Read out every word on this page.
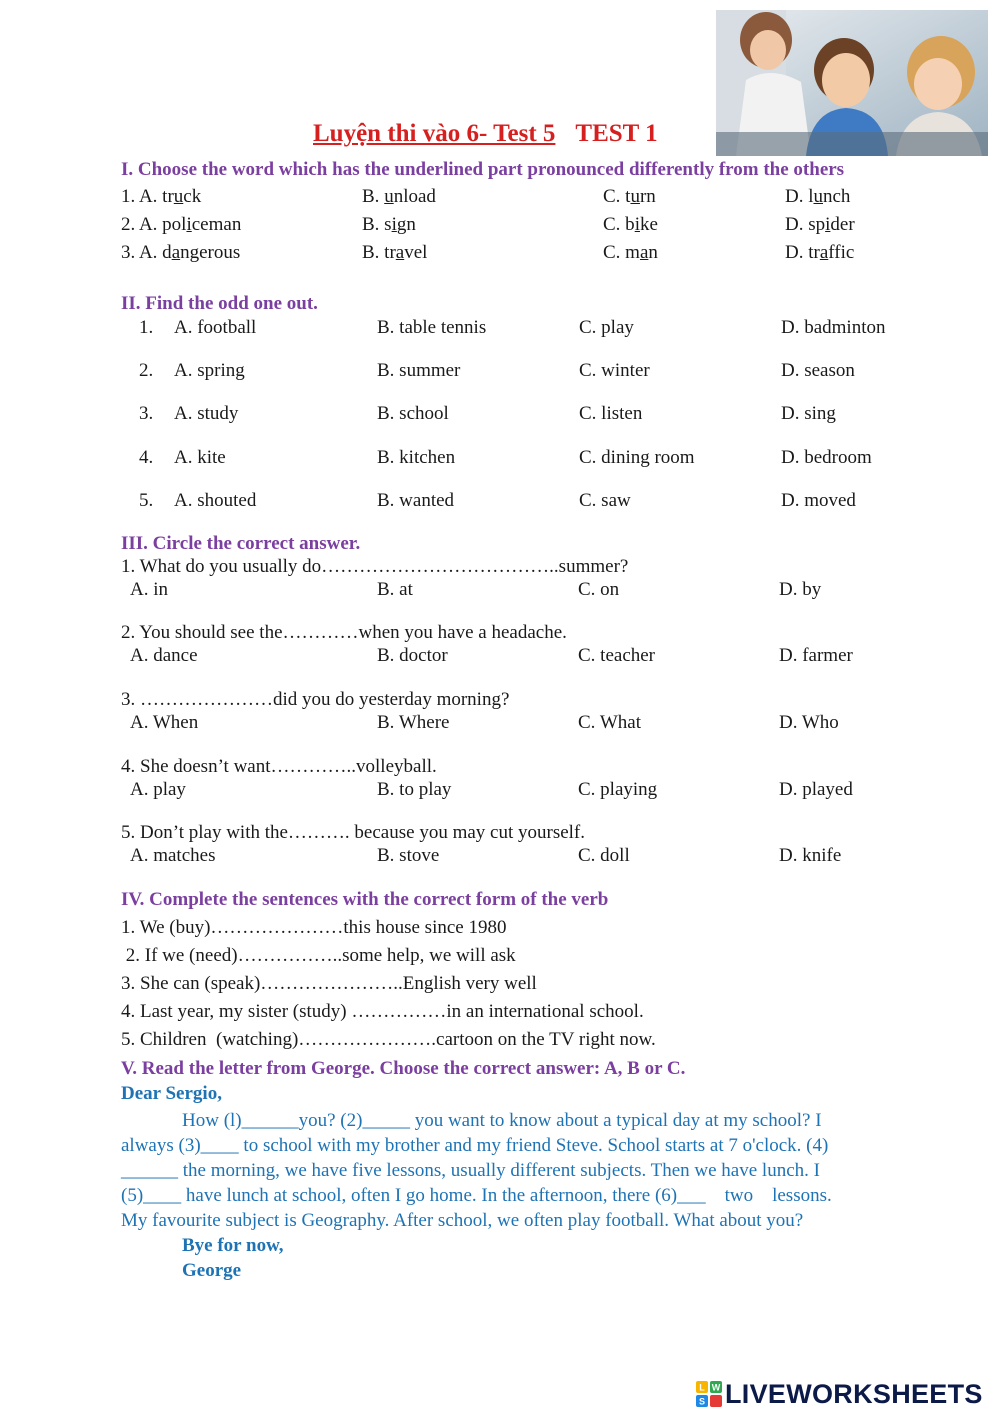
Luyện thi vào 6- Test 5 TEST 1
I. Choose the word which has the underlined part pronounced differently from the others
1. A. truck	B. unload	C. turn	D. lunch
2. A. policeman	B. sign	C. bike	D. spider
3. A. dangerous	B. travel	C. man	D. traffic
II. Find the odd one out.
1. A. football	B. table tennis	C. play	D. badminton
2. A. spring	B. summer	C. winter	D. season
3. A. study	B. school	C. listen	D. sing
4. A. kite	B. kitchen	C. dining room	D. bedroom
5. A. shouted	B. wanted	C. saw	D. moved
III. Circle the correct answer.
1. What do you usually do………………………………..summer?
A. in	B. at	C. on	D. by
2. You should see the…………when you have a headache.
A. dance	B. doctor	C. teacher	D. farmer
3. …………………did you do yesterday morning?
A. When	B. Where	C. What	D. Who
4. She doesn’t want…………..volleyball.
A. play	B. to play	C. playing	D. played
5. Don’t play with the………. because you may cut yourself.
A. matches	B. stove	C. doll	D. knife
IV. Complete the sentences with the correct form of the verb
1. We (buy)…………………this house since 1980
2. If we (need)……………..some help, we will ask
3. She can (speak)…………………..English very well
4. Last year, my sister (study) ……………in an international school.
5. Children  (watching)………………….cartoon on the TV right now.
V. Read the letter from George. Choose the correct answer: A, B or C.
Dear Sergio,
How (l)______you? (2)_____ you want to know about a typical day at my school? I
always (3)____ to school with my brother and my friend Steve. School starts at 7 o'clock. (4)
______ the morning, we have five lessons, usually different subjects. Then we have lunch. I
(5)____ have lunch at school, often I go home. In the afternoon, there (6)___    two    lessons.
My favourite subject is Geography. After school, we often play football. What about you?
Bye for now,
George
L W
S LIVEWORKSHEETS
